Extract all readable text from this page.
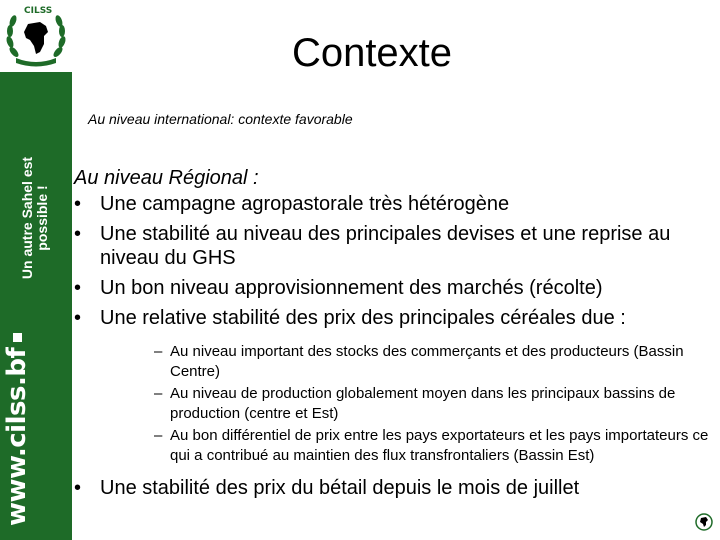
CILSS
Un autre Sahel est possible !
www.cilss.bf
Contexte
Au niveau international: contexte favorable
Au niveau Régional :
• Une campagne agropastorale très hétérogène
• Une stabilité au niveau des principales devises et une reprise au niveau du GHS
• Un bon niveau approvisionnement des marchés (récolte)
• Une relative stabilité des prix des principales céréales due :
– Au niveau important des stocks des commerçants et des producteurs (Bassin Centre)
– Au niveau de production globalement moyen dans les principaux bassins de production (centre et Est)
– Au bon différentiel de prix entre les pays exportateurs et les pays importateurs ce qui a contribué au maintien des flux transfrontaliers (Bassin Est)
• Une stabilité des prix du bétail depuis le mois de juillet
